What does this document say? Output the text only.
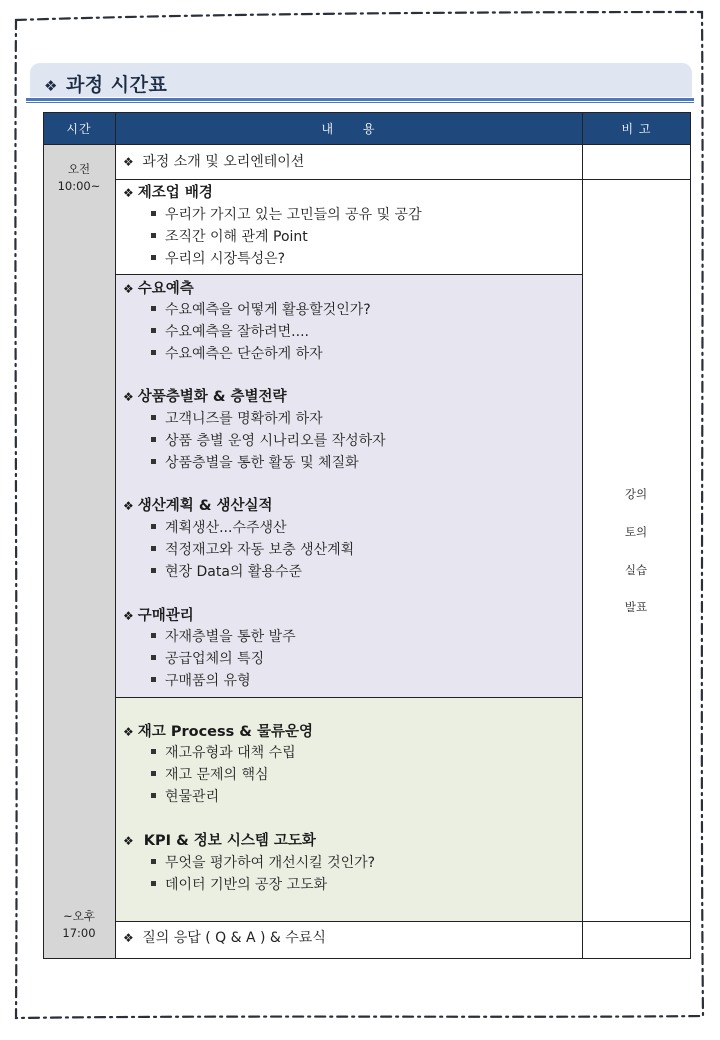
❖ 과정 시간표
시간	내      용	비 고
오전
10:00~
~오후
17:00
강의
토의
실습
발표
❖ 과정 소개 및 오리엔테이션
❖ 제조업 배경
우리가 가지고 있는 고민들의 공유 및 공감
조직간 이해 관계 Point
우리의 시장특성은?
❖ 수요예측
수요예측을 어떻게 활용할것인가?
수요예측을 잘하려면....
수요예측은 단순하게 하자
❖ 상품층별화 & 층별전략
고객니즈를 명확하게 하자
상품 층별 운영 시나리오를 작성하자
상품층별을 통한 활동 및 체질화
❖ 생산계획 & 생산실적
계획생산...수주생산
적정재고와 자동 보충 생산계획
현장 Data의 활용수준
❖ 구매관리
자재층별을 통한 발주
공급업체의 특징
구매품의 유형
❖ 재고 Process & 물류운영
재고유형과 대책 수립
재고 문제의 핵심
현물관리
❖ KPI & 정보 시스템 고도화
무엇을 평가하여 개선시킬 것인가?
데이터 기반의 공장 고도화
❖ 질의 응답 ( Q & A ) & 수료식
